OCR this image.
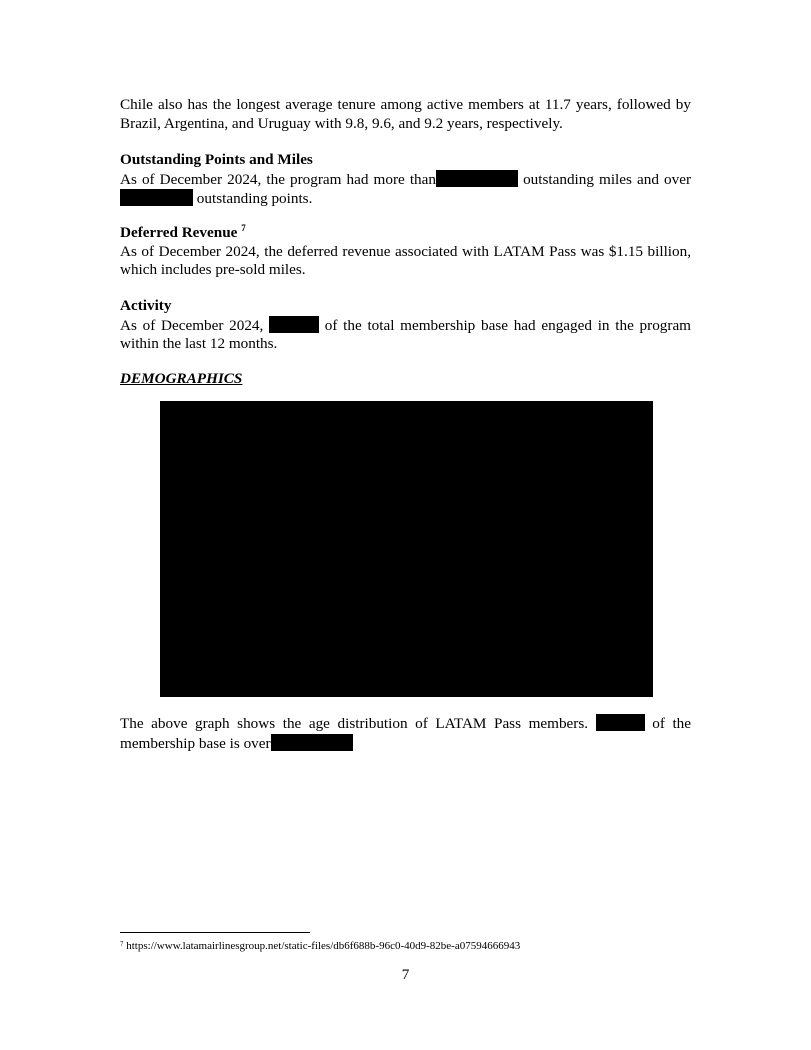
Chile also has the longest average tenure among active members at 11.7 years, followed by Brazil, Argentina, and Uruguay with 9.8, 9.6, and 9.2 years, respectively.
Outstanding Points and Miles
As of December 2024, the program had more than	outstanding miles and over  outstanding points.
Deferred Revenue $^7$
As of December 2024, the deferred revenue associated with LATAM Pass was $1.15 billion, which includes pre-sold miles.
Activity
As of December 2024,	of the total membership base had engaged in the program within the last 12 months.
DEMOGRAPHICS
The above graph shows the age distribution of LATAM Pass members.	of the membership base is over
$^7$ https://www.latamairlinesgroup.net/static-files/db6f688b-96c0-40d9-82be-a07594666943
7
